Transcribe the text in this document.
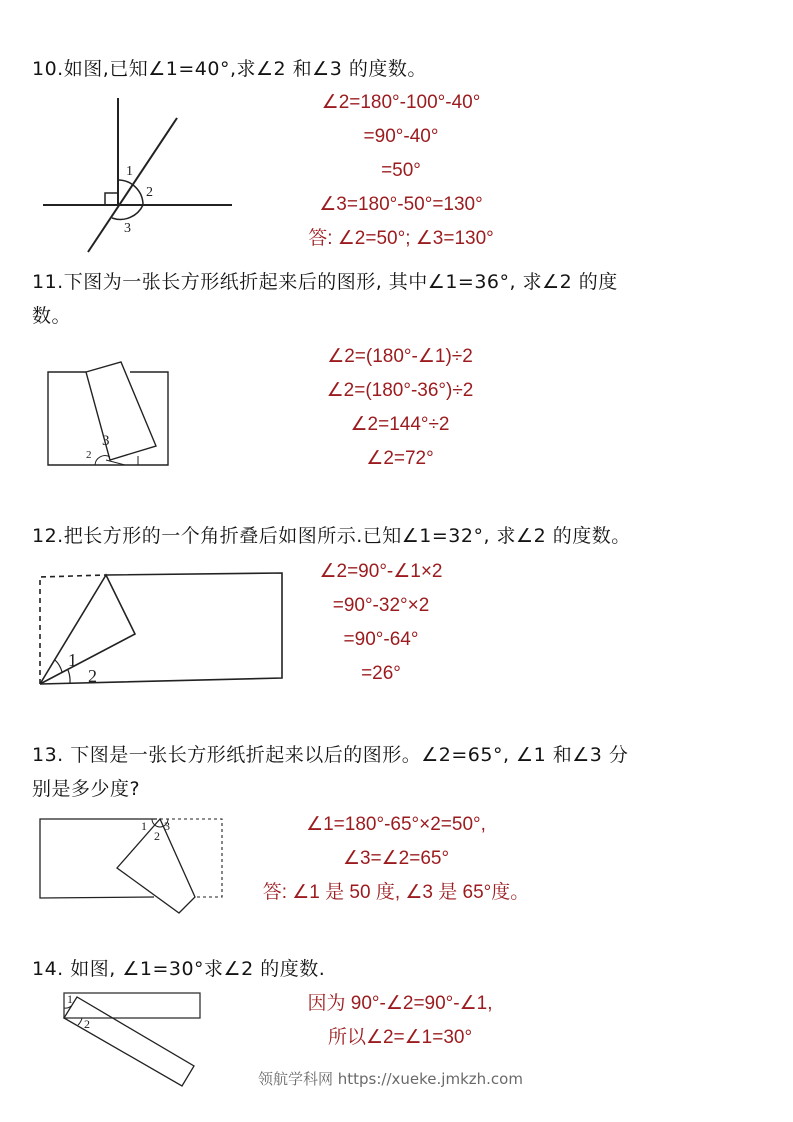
10.如图,已知∠1=40°,求∠2 和∠3 的度数。
1
2
3
∠2=180°-100°-40°
=90°-40°
=50°
∠3=180°-50°=130°
答: ∠2=50°; ∠3=130°
11.下图为一张长方形纸折起来后的图形, 其中∠1=36°, 求∠2 的度
数。
3
2
∠2=(180°-∠1)÷2
∠2=(180°-36°)÷2
∠2=144°÷2
∠2=72°
12.把长方形的一个角折叠后如图所示.已知∠1=32°, 求∠2 的度数。
1
2
∠2=90°-∠1×2
=90°-32°×2
=90°-64°
=26°
13. 下图是一张长方形纸折起来以后的图形。∠2=65°, ∠1 和∠3 分
别是多少度?
1
2
3	∠1=180°-65°×2=50°,
∠3=∠2=65°
答: ∠1 是 50 度, ∠3 是 65°度。
14. 如图, ∠1=30°求∠2 的度数.
1
2
因为 90°-∠2=90°-∠1,
所以∠2=∠1=30°
领航学科网 https://xueke.jmkzh.com
